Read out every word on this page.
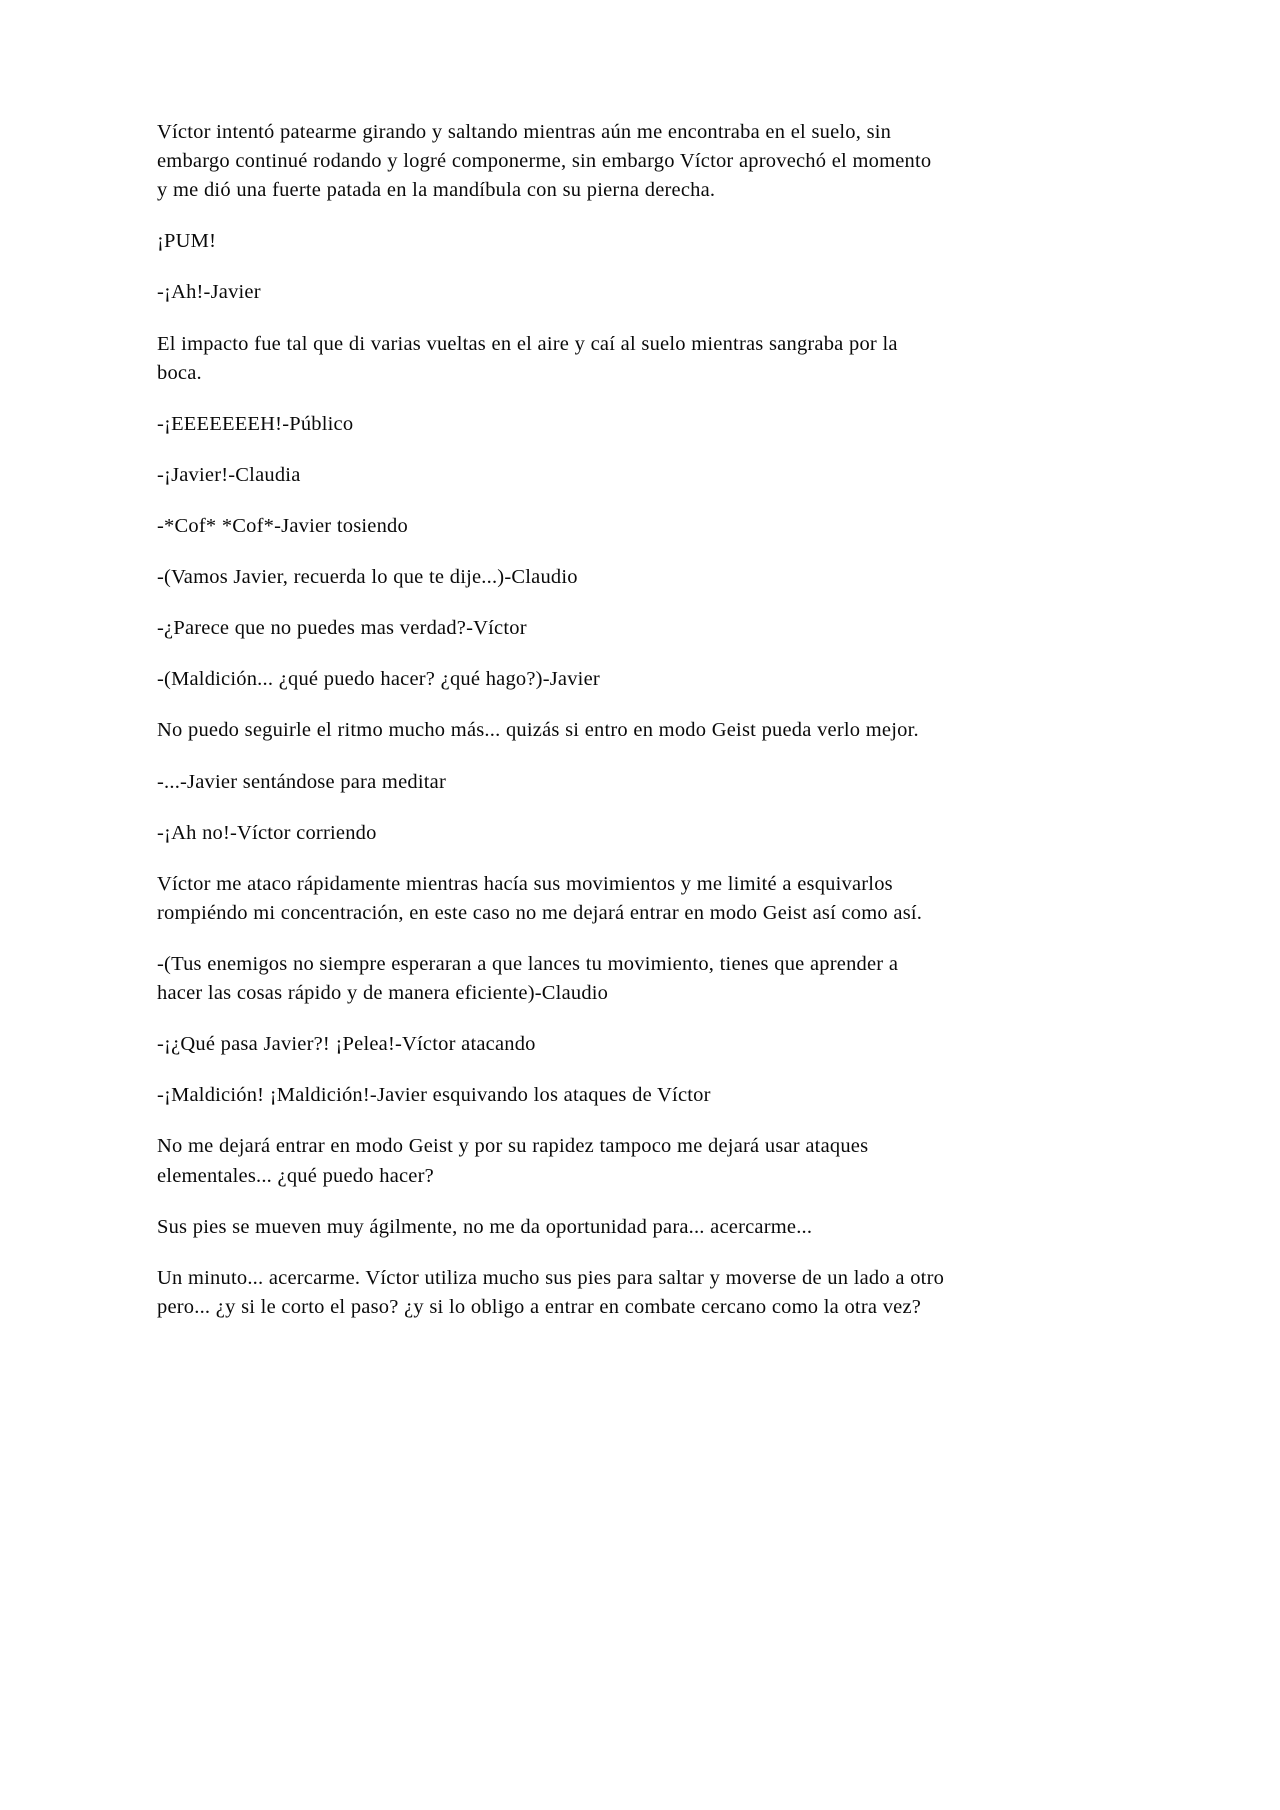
Víctor intentó patearme girando y saltando mientras aún me encontraba en el suelo, sin embargo continué rodando y logré componerme, sin embargo Víctor aprovechó el momento y me dió una fuerte patada en la mandíbula con su pierna derecha.

¡PUM!

-¡Ah!-Javier

El impacto fue tal que di varias vueltas en el aire y caí al suelo mientras sangraba por la boca.

-¡EEEEEEEH!-Público

-¡Javier!-Claudia

-*Cof* *Cof*-Javier tosiendo

-(Vamos Javier, recuerda lo que te dije...)-Claudio

-¿Parece que no puedes mas verdad?-Víctor

-(Maldición... ¿qué puedo hacer? ¿qué hago?)-Javier

No puedo seguirle el ritmo mucho más... quizás si entro en modo Geist pueda verlo mejor.

-...-Javier sentándose para meditar

-¡Ah no!-Víctor corriendo

Víctor me ataco rápidamente mientras hacía sus movimientos y me limité a esquivarlos rompiéndo mi concentración, en este caso no me dejará entrar en modo Geist así como así.

-(Tus enemigos no siempre esperaran a que lances tu movimiento, tienes que aprender a hacer las cosas rápido y de manera eficiente)-Claudio

-¡¿Qué pasa Javier?! ¡Pelea!-Víctor atacando

-¡Maldición! ¡Maldición!-Javier esquivando los ataques de Víctor

No me dejará entrar en modo Geist y por su rapidez tampoco me dejará usar ataques elementales... ¿qué puedo hacer?

Sus pies se mueven muy ágilmente, no me da oportunidad para... acercarme...

Un minuto... acercarme. Víctor utiliza mucho sus pies para saltar y moverse de un lado a otro pero... ¿y si le corto el paso? ¿y si lo obligo a entrar en combate cercano como la otra vez?
